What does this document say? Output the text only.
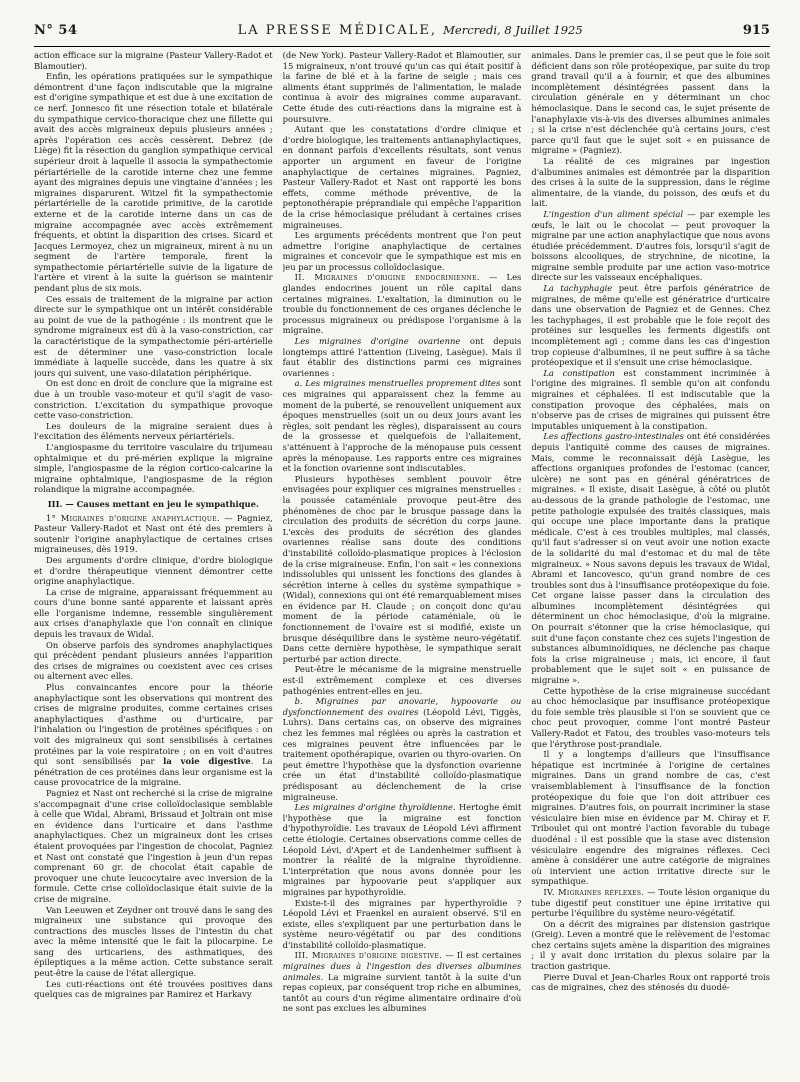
N° 54	LA PRESSE MÉDICALE, Mercredi, 8 Juillet 1925	915

action efficace sur la migraine (Pasteur Vallery-Radot et Blamoutier).

Enfin, les opérations pratiquées sur le sympathique démontrent d'une façon indiscutable que la migraine est d'origine sympathique et est due à une excitation de ce nerf. Jonnesco fit une résection totale et bilatérale du sympathique cervico-thoracique chez une fillette qui avait des accès migraineux depuis plusieurs années ; après l'opération ces accès cessèrent. Debrez (de Liège) fit la résection du ganglion sympathique cervical supérieur droit à laquelle il associa la sympathectomie périartérielle de la carotide interne chez une femme ayant des migraines depuis une vingtaine d'années ; les migraines disparurent. Witzel fit la sympathectomie périartérielle de la carotide primitive, de la carotide externe et de la carotide interne dans un cas de migraine accompagnée avec accès extrêmement fréquents, et obtint la disparition des crises. Sicard et Jacques Lermoyez, chez un migraineux, mirent à nu un segment de l'artère temporale, firent la sympathectomie périartérielle suivie de la ligature de l'artère et virent à la suite la guérison se maintenir pendant plus de six mois.

Ces essais de traitement de la migraine par action directe sur le sympathique ont un intérêt considérable au point de vue de la pathogénie : ils montrent que le syndrome migraineux est dû à la vaso-constriction, car la caractéristique de la sympathectomie péri-artérielle est de déterminer une vaso-constriction locale immédiate à laquelle succède, dans les quatre à six jours qui suivent, une vaso-dilatation périphérique.

On est donc en droit de conclure que la migraine est due à un trouble vaso-moteur et qu'il s'agit de vaso-constriction. L'excitation du sympathique provoque cette vaso-constriction.

Les douleurs de la migraine seraient dues à l'excitation des éléments nerveux périartériels.

L'angiospasme du territoire vasculaire du trijumeau ophtalmique et du pré-mérien explique la migraine simple, l'angiospasme de la région cortico-calcarine la migraine ophtalmique, l'angiospasme de la région rolandique la migraine accompagnée.

III. — Causes mettant en jeu le sympathique.

1° Migraines d'origine anaphylactique. — Pagniez, Pasteur Vallery-Radot et Nast ont été des premiers à soutenir l'origine anaphylactique de certaines crises migraineuses, dès 1919.

Des arguments d'ordre clinique, d'ordre biologique et d'ordre thérapeutique viennent démontrer cette origine anaphylactique.

La crise de migraine, apparaissant fréquemment au cours d'une bonne santé apparente et laissant après elle l'organisme indemne, ressemble singulièrement aux crises d'anaphylaxie que l'on connaît en clinique depuis les travaux de Widal.

On observe parfois des syndromes anaphylactiques qui précèdent pendant plusieurs années l'apparition des crises de migraines ou coexistent avec ces crises ou alternent avec elles.

Plus convaincantes encore pour la théorie anaphylactique sont les observations qui montrent des crises de migraine produites, comme certaines crises anaphylactiques d'asthme ou d'urticaire, par l'inhalation ou l'ingestion de protéines spécifiques : on voit des migraineux qui sont sensibilisés à certaines protéines par la voie respiratoire ; on en voit d'autres qui sont sensibilisés par la voie digestive. La pénétration de ces protéines dans leur organisme est la cause provocatrice de la migraine.

Pagniez et Nast ont recherché si la crise de migraine s'accompagnait d'une crise colloïdoclasique semblable à celle que Widal, Abrami, Brissaud et Joltrain ont mise en évidence dans l'urticaire et dans l'asthme anaphylactiques. Chez un migraineux dont les crises étaient provoquées par l'ingestion de chocolat, Pagniez et Nast ont constaté que l'ingestion à jeun d'un repas comprenant 60 gr. de chocolat était capable de provoquer une chute leucocytaire avec inversion de la formule. Cette crise colloïdoclasique était suivie de la crise de migraine.

Van Leeuwen et Zeydner ont trouvé dans le sang des migraineux une substance qui provoque des contractions des muscles lisses de l'intestin du chat avec la même intensité que le fait la pilocarpine. Le sang des urticariens, des asthmatiques, des épileptiques a la même action. Cette substance serait peut-être la cause de l'état allergique.

Les cuti-réactions ont été trouvées positives dans quelques cas de migraines par Ramirez et Harkavy

(de New York). Pasteur Vallery-Radot et Blamoutier, sur 15 migraineux, n'ont trouvé qu'un cas qui était positif à la farine de blé et à la farine de seigle ; mais ces aliments étant supprimés de l'alimentation, le malade continua à avoir des migraines comme auparavant. Cette étude des cuti-réactions dans la migraine est à poursuivre.

Autant que les constatations d'ordre clinique et d'ordre biologique, les traitements antianaphylactiques, en donnant parfois d'excellents résultats, sont venus apporter un argument en faveur de l'origine anaphylactique de certaines migraines. Pagniez, Pasteur Vallery-Radot et Nast ont rapporté les bons effets, comme méthode préventive, de la peptonothérapie préprandiale qui empêche l'apparition de la crise hémoclasique préludant à certaines crises migraineuses.

Les arguments précédents montrent que l'on peut admettre l'origine anaphylactique de certaines migraines et concevoir que le sympathique est mis en jeu par un processus colloïdoclasique.

II. Migraines d'origine endocrinienne. — Les glandes endocrines jouent un rôle capital dans certaines migraines. L'exaltation, la diminution ou le trouble du fonctionnement de ces organes déclenche le processus migraineux ou prédispose l'organisme à la migraine.

Les migraines d'origine ovarienne ont depuis longtemps attiré l'attention (Liveing, Lasègue). Mais il faut établir des distinctions parmi ces migraines ovariennes :

a. Les migraines menstruelles proprement dites sont ces migraines qui apparaissent chez la femme au moment de la puberté, se renouvellent uniquement aux époques menstruelles (soit un ou deux jours avant les règles, soit pendant les règles), disparaissent au cours de la grossesse et quelquefois de l'allaitement, s'atténuent à l'approche de la ménopause puis cessent après la ménopause. Les rapports entre ces migraines et la fonction ovarienne sont indiscutables.

Plusieurs hypothèses semblent pouvoir être envisagées pour expliquer ces migraines menstruelles : la poussée cataméniale provoque peut-être des phénomènes de choc par le brusque passage dans la circulation des produits de sécrétion du corps jaune. L'excès des produits de sécrétion des glandes ovariennes réalise sans doute des conditions d'instabilité colloïdo-plasmatique propices à l'éclosion de la crise migraineuse. Enfin, l'on sait « les connexions indissolubles qui unissent les fonctions des glandes à sécrétion interne à celles du système sympathique » (Widal), connexions qui ont été remarquablement mises en évidence par H. Claude ; on conçoit donc qu'au moment de la période cataméniale, où le fonctionnement de l'ovaire est si modifié, existe un brusque déséquilibre dans le système neuro-végétatif. Dans cette dernière hypothèse, le sympathique serait perturbé par action directe.

Peut-être le mécanisme de la migraine menstruelle est-il extrêmement complexe et ces diverses pathogénies entrent-elles en jeu.

b. Migraines par anovarie, hypoovarie ou dysfonctionnement des ovaires (Léopold Lévi, Tiggès, Luhrs). Dans certains cas, on observe des migraines chez les femmes mal réglées ou après la castration et ces migraines peuvent être influencées par le traitement opothérapique, ovarien ou thyro-ovarien. On peut émettre l'hypothèse que la dysfonction ovarienne crée un état d'instabilité colloïdo-plasmatique prédisposant au déclenchement de la crise migraineuse.

Les migraines d'origine thyroïdienne. Hertoghe émit l'hypothèse que la migraine est fonction d'hypothyroïdie. Les travaux de Léopold Lévi affirment cette étiologie. Certaines observations comme celles de Léopold Lévi, d'Apert et de Landenheimer suffisent à montrer la réalité de la migraine thyroïdienne. L'interprétation que nous avons donnée pour les migraines par hypoovarie peut s'appliquer aux migraines par hypothyroïdie.

Existe-t-il des migraines par hyperthyroïdie ? Léopold Lévi et Fraenkel en auraient observé. S'il en existe, elles s'expliquent par une perturbation dans le système neuro-végétatif ou par des conditions d'instabilité colloïdo-plasmatique.

III. Migraines d'origine digestive. — Il est certaines migraines dues à l'ingestion des diverses albumines animales. La migraine survient tantôt à la suite d'un repas copieux, par conséquent trop riche en albumines, tantôt au cours d'un régime alimentaire ordinaire d'où ne sont pas exclues les albumines

animales. Dans le premier cas, il se peut que le foie soit déficient dans son rôle protéopexique, par suite du trop grand travail qu'il a à fournir, et que des albumines incomplètement désintégrées passent dans la circulation générale en y déterminant un choc hémoclasique. Dans le second cas, le sujet présente de l'anaphylaxie vis-à-vis des diverses albumines animales ; si la crise n'est déclenchée qu'à certains jours, c'est parce qu'il faut que le sujet soit « en puissance de migraine » (Pagniez).

La réalité de ces migraines par ingestion d'albumines animales est démontrée par la disparition des crises à la suite de la suppression, dans le régime alimentaire, de la viande, du poisson, des œufs et du lait.

L'ingestion d'un aliment spécial — par exemple les œufs, le lait ou le chocolat — peut provoquer la migraine par une action anaphylactique que nous avons étudiée précédemment. D'autres fois, lorsqu'il s'agit de boissons alcooliques, de strychnine, de nicotine, la migraine semble produite par une action vaso-motrice directe sur les vaisseaux encéphaliques.

La tachyphagie peut être parfois génératrice de migraines, de même qu'elle est génératrice d'urticaire dans une observation de Pagniez et de Gennes. Chez les tachyphages, il est probable que le foie reçoit des protéines sur lesquelles les ferments digestifs ont incomplètement agi ; comme dans les cas d'ingestion trop copieuse d'albumines, il ne peut suffire à sa tâche protéopexique et il s'ensuit une crise hémoclasique.

La constipation est constamment incriminée à l'origine des migraines. Il semble qu'on ait confondu migraines et céphalées. Il est indiscutable que la constipation provoque des céphalées, mais on n'observe pas de crises de migraines qui puissent être imputables uniquement à la constipation.

Les affections gastro-intestinales ont été considérées depuis l'antiquité comme des causes de migraines. Mais, comme le reconnaissait déjà Lasègue, les affections organiques profondes de l'estomac (cancer, ulcère) ne sont pas en général génératrices de migraines. « Il existe, disait Lasègue, à côté ou plutôt au-dessous de la grande pathologie de l'estomac, une petite pathologie expulsée des traités classiques, mais qui occupe une place importante dans la pratique médicale. C'est à ces troubles multiples, mal classés, qu'il faut s'adresser si on veut avoir une notion exacte de la solidarité du mal d'estomac et du mal de tête migraineux. » Nous savons depuis les travaux de Widal, Abrami et Iancovesco, qu'un grand nombre de ces troubles sont dus à l'insuffisance protéopexique du foie. Cet organe laisse passer dans la circulation des albumines incomplètement désintégrées qui déterminent un choc hémoclasique, d'où la migraine. On pourrait s'étonner que la crise hémoclasique, qui suit d'une façon constante chez ces sujets l'ingestion de substances albuminoïdiques, ne déclenche pas chaque fois la crise migraineuse ; mais, ici encore, il faut probablement que le sujet soit « en puissance de migraine ».

Cette hypothèse de la crise migraineuse succédant au choc hémoclasique par insuffisance protéopexique du foie semble très plausible si l'on se souvient que ce choc peut provoquer, comme l'ont montré Pasteur Vallery-Radot et Fatou, des troubles vaso-moteurs tels que l'érythrose post-prandiale.

Il y a longtemps d'ailleurs que l'insuffisance hépatique est incriminée à l'origine de certaines migraines. Dans un grand nombre de cas, c'est vraisemblablement à l'insuffisance de la fonction protéopexique du foie que l'on doit attribuer ces migraines. D'autres fois, on pourrait incriminer la stase vésiculaire bien mise en évidence par M. Chiray et F. Triboulet qui ont montré l'action favorable du tubage duodénal : il est possible que la stase avec distension vésiculaire engendre des migraines réflexes. Ceci amène à considérer une autre catégorie de migraines où intervient une action irritative directe sur le sympathique.

IV. Migraines réflexes. — Toute lésion organique du tube digestif peut constituer une épine irritative qui perturbe l'équilibre du système neuro-végétatif.

On a décrit des migraines par distension gastrique (Greig). Leven a montré que le relèvement de l'estomac chez certains sujets amène la disparition des migraines ; il y avait donc irritation du plexus solaire par la traction gastrique.

Pierre Duval et Jean-Charles Roux ont rapporté trois cas de migraines, chez des sténosés du duodé-
